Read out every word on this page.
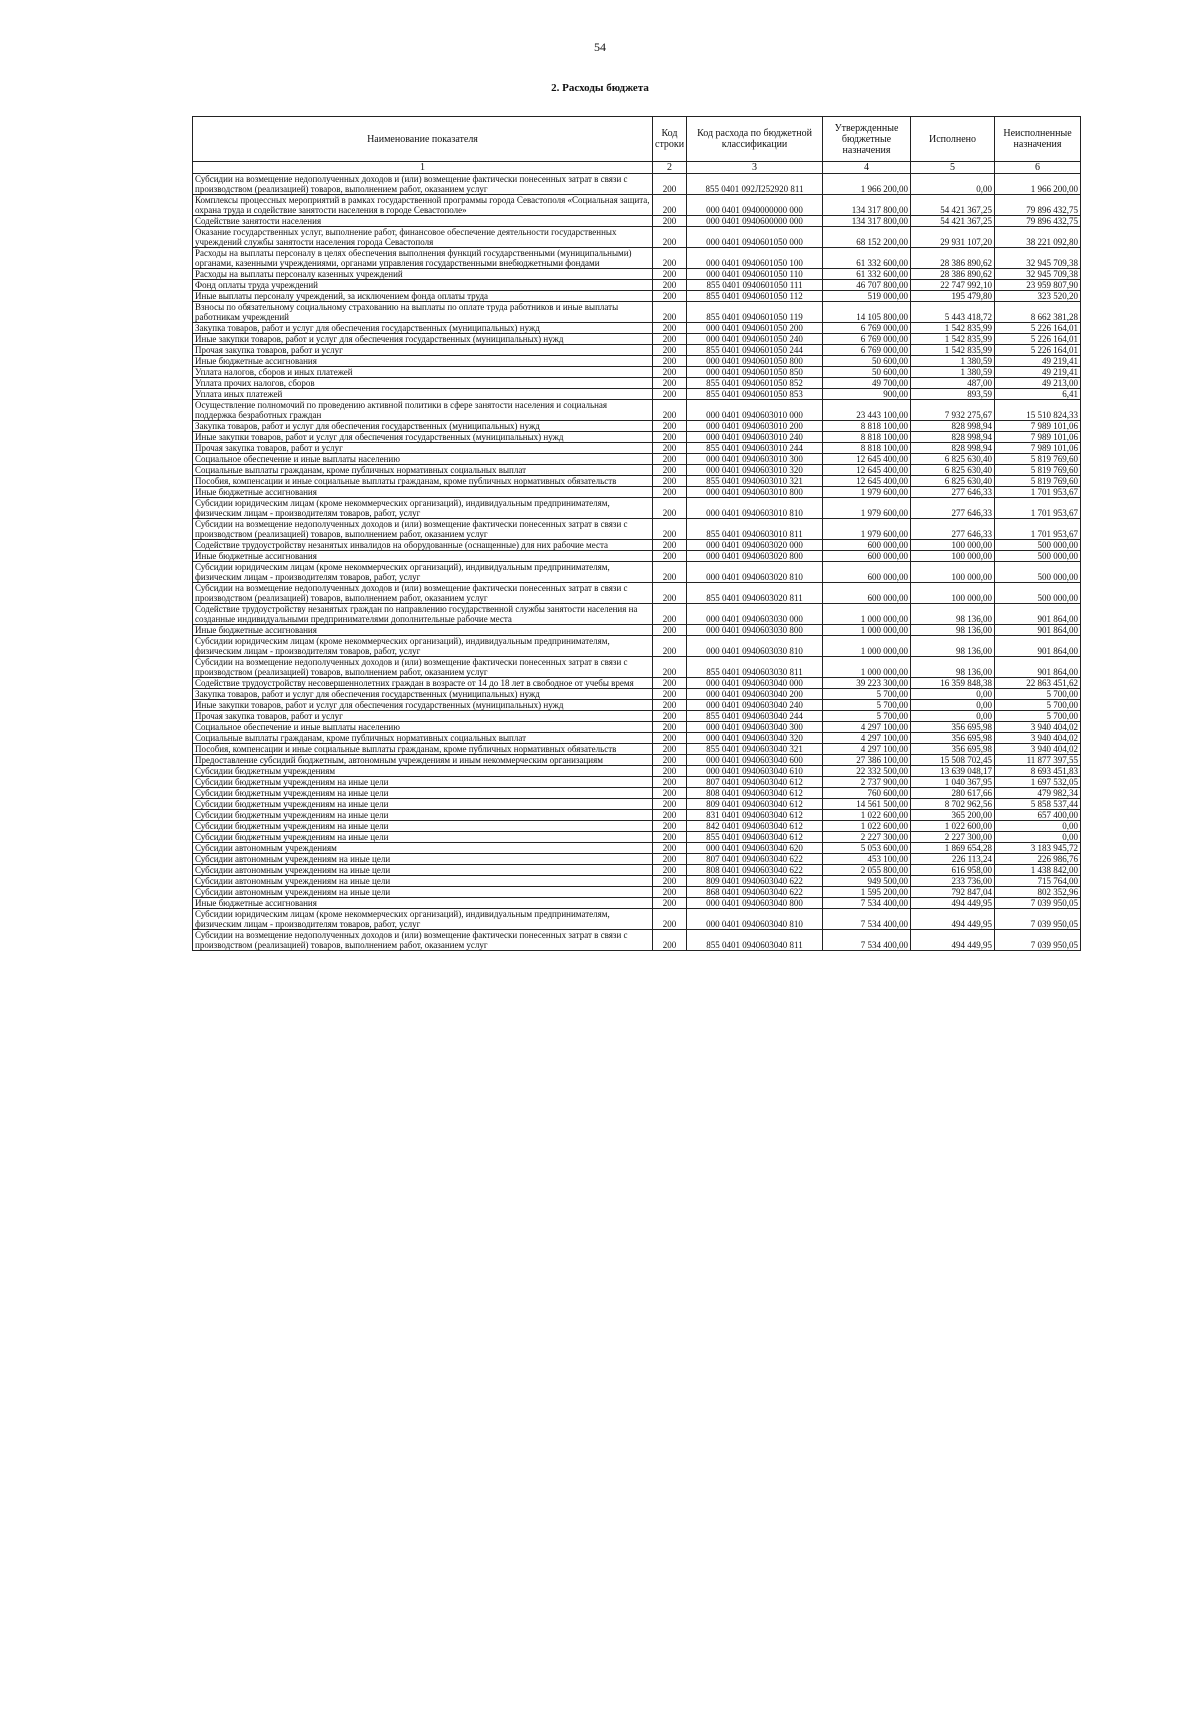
54
2. Расходы бюджета
Наименование показателя	Код строки	Код расхода по бюджетной классификации	Утвержденные бюджетные назначения	Исполнено	Неисполненные назначения
1	2	3	4	5	6
Субсидии на возмещение недополученных доходов и (или) возмещение фактически понесенных затрат в связи с производством (реализацией) товаров, выполнением работ, оказанием услуг	200	855 0401 092Л252920 811	1 966 200,00	0,00	1 966 200,00
Комплексы процессных мероприятий в рамках государственной программы города Севастополя «Социальная защита, охрана труда и содействие занятости населения в городе Севастополе»	200	000 0401 0940000000 000	134 317 800,00	54 421 367,25	79 896 432,75
Содействие занятости населения	200	000 0401 0940600000 000	134 317 800,00	54 421 367,25	79 896 432,75
Оказание государственных услуг, выполнение работ, финансовое обеспечение деятельности государственных учреждений службы занятости населения города Севастополя	200	000 0401 0940601050 000	68 152 200,00	29 931 107,20	38 221 092,80
Расходы на выплаты персоналу в целях обеспечения выполнения функций государственными (муниципальными) органами, казенными учреждениями, органами управления государственными внебюджетными фондами	200	000 0401 0940601050 100	61 332 600,00	28 386 890,62	32 945 709,38
Расходы на выплаты персоналу казенных учреждений	200	000 0401 0940601050 110	61 332 600,00	28 386 890,62	32 945 709,38
Фонд оплаты труда учреждений	200	855 0401 0940601050 111	46 707 800,00	22 747 992,10	23 959 807,90
Иные выплаты персоналу учреждений, за исключением фонда оплаты труда	200	855 0401 0940601050 112	519 000,00	195 479,80	323 520,20
Взносы по обязательному социальному страхованию на выплаты по оплате труда работников и иные выплаты работникам учреждений	200	855 0401 0940601050 119	14 105 800,00	5 443 418,72	8 662 381,28
Закупка товаров, работ и услуг для обеспечения государственных (муниципальных) нужд	200	000 0401 0940601050 200	6 769 000,00	1 542 835,99	5 226 164,01
Иные закупки товаров, работ и услуг для обеспечения государственных (муниципальных) нужд	200	000 0401 0940601050 240	6 769 000,00	1 542 835,99	5 226 164,01
Прочая закупка товаров, работ и услуг	200	855 0401 0940601050 244	6 769 000,00	1 542 835,99	5 226 164,01
Иные бюджетные ассигнования	200	000 0401 0940601050 800	50 600,00	1 380,59	49 219,41
Уплата налогов, сборов и иных платежей	200	000 0401 0940601050 850	50 600,00	1 380,59	49 219,41
Уплата прочих налогов, сборов	200	855 0401 0940601050 852	49 700,00	487,00	49 213,00
Уплата иных платежей	200	855 0401 0940601050 853	900,00	893,59	6,41
Осуществление полномочий по проведению активной политики в сфере занятости населения и социальная поддержка безработных граждан	200	000 0401 0940603010 000	23 443 100,00	7 932 275,67	15 510 824,33
Закупка товаров, работ и услуг для обеспечения государственных (муниципальных) нужд	200	000 0401 0940603010 200	8 818 100,00	828 998,94	7 989 101,06
Иные закупки товаров, работ и услуг для обеспечения государственных (муниципальных) нужд	200	000 0401 0940603010 240	8 818 100,00	828 998,94	7 989 101,06
Прочая закупка товаров, работ и услуг	200	855 0401 0940603010 244	8 818 100,00	828 998,94	7 989 101,06
Социальное обеспечение и иные выплаты населению	200	000 0401 0940603010 300	12 645 400,00	6 825 630,40	5 819 769,60
Социальные выплаты гражданам, кроме публичных нормативных социальных выплат	200	000 0401 0940603010 320	12 645 400,00	6 825 630,40	5 819 769,60
Пособия, компенсации и иные социальные выплаты гражданам, кроме публичных нормативных обязательств	200	855 0401 0940603010 321	12 645 400,00	6 825 630,40	5 819 769,60
Иные бюджетные ассигнования	200	000 0401 0940603010 800	1 979 600,00	277 646,33	1 701 953,67
Субсидии юридическим лицам (кроме некоммерческих организаций), индивидуальным предпринимателям, физическим лицам - производителям товаров, работ, услуг	200	000 0401 0940603010 810	1 979 600,00	277 646,33	1 701 953,67
Субсидии на возмещение недополученных доходов и (или) возмещение фактически понесенных затрат в связи с производством (реализацией) товаров, выполнением работ, оказанием услуг	200	855 0401 0940603010 811	1 979 600,00	277 646,33	1 701 953,67
Содействие трудоустройству незанятых инвалидов на оборудованные (оснащенные) для них рабочие места	200	000 0401 0940603020 000	600 000,00	100 000,00	500 000,00
Иные бюджетные ассигнования	200	000 0401 0940603020 800	600 000,00	100 000,00	500 000,00
Субсидии юридическим лицам (кроме некоммерческих организаций), индивидуальным предпринимателям, физическим лицам - производителям товаров, работ, услуг	200	000 0401 0940603020 810	600 000,00	100 000,00	500 000,00
Субсидии на возмещение недополученных доходов и (или) возмещение фактически понесенных затрат в связи с производством (реализацией) товаров, выполнением работ, оказанием услуг	200	855 0401 0940603020 811	600 000,00	100 000,00	500 000,00
Содействие трудоустройству незанятых граждан по направлению государственной службы занятости населения на созданные индивидуальными предпринимателями дополнительные рабочие места	200	000 0401 0940603030 000	1 000 000,00	98 136,00	901 864,00
Иные бюджетные ассигнования	200	000 0401 0940603030 800	1 000 000,00	98 136,00	901 864,00
Субсидии юридическим лицам (кроме некоммерческих организаций), индивидуальным предпринимателям, физическим лицам - производителям товаров, работ, услуг	200	000 0401 0940603030 810	1 000 000,00	98 136,00	901 864,00
Субсидии на возмещение недополученных доходов и (или) возмещение фактически понесенных затрат в связи с производством (реализацией) товаров, выполнением работ, оказанием услуг	200	855 0401 0940603030 811	1 000 000,00	98 136,00	901 864,00
Содействие трудоустройству несовершеннолетних граждан в возрасте от 14 до 18 лет в свободное от учебы время	200	000 0401 0940603040 000	39 223 300,00	16 359 848,38	22 863 451,62
Закупка товаров, работ и услуг для обеспечения государственных (муниципальных) нужд	200	000 0401 0940603040 200	5 700,00	0,00	5 700,00
Иные закупки товаров, работ и услуг для обеспечения государственных (муниципальных) нужд	200	000 0401 0940603040 240	5 700,00	0,00	5 700,00
Прочая закупка товаров, работ и услуг	200	855 0401 0940603040 244	5 700,00	0,00	5 700,00
Социальное обеспечение и иные выплаты населению	200	000 0401 0940603040 300	4 297 100,00	356 695,98	3 940 404,02
Социальные выплаты гражданам, кроме публичных нормативных социальных выплат	200	000 0401 0940603040 320	4 297 100,00	356 695,98	3 940 404,02
Пособия, компенсации и иные социальные выплаты гражданам, кроме публичных нормативных обязательств	200	855 0401 0940603040 321	4 297 100,00	356 695,98	3 940 404,02
Предоставление субсидий бюджетным, автономным учреждениям и иным некоммерческим организациям	200	000 0401 0940603040 600	27 386 100,00	15 508 702,45	11 877 397,55
Субсидии бюджетным учреждениям	200	000 0401 0940603040 610	22 332 500,00	13 639 048,17	8 693 451,83
Субсидии бюджетным учреждениям на иные цели	200	807 0401 0940603040 612	2 737 900,00	1 040 367,95	1 697 532,05
Субсидии бюджетным учреждениям на иные цели	200	808 0401 0940603040 612	760 600,00	280 617,66	479 982,34
Субсидии бюджетным учреждениям на иные цели	200	809 0401 0940603040 612	14 561 500,00	8 702 962,56	5 858 537,44
Субсидии бюджетным учреждениям на иные цели	200	831 0401 0940603040 612	1 022 600,00	365 200,00	657 400,00
Субсидии бюджетным учреждениям на иные цели	200	842 0401 0940603040 612	1 022 600,00	1 022 600,00	0,00
Субсидии бюджетным учреждениям на иные цели	200	855 0401 0940603040 612	2 227 300,00	2 227 300,00	0,00
Субсидии автономным учреждениям	200	000 0401 0940603040 620	5 053 600,00	1 869 654,28	3 183 945,72
Субсидии автономным учреждениям на иные цели	200	807 0401 0940603040 622	453 100,00	226 113,24	226 986,76
Субсидии автономным учреждениям на иные цели	200	808 0401 0940603040 622	2 055 800,00	616 958,00	1 438 842,00
Субсидии автономным учреждениям на иные цели	200	809 0401 0940603040 622	949 500,00	233 736,00	715 764,00
Субсидии автономным учреждениям на иные цели	200	868 0401 0940603040 622	1 595 200,00	792 847,04	802 352,96
Иные бюджетные ассигнования	200	000 0401 0940603040 800	7 534 400,00	494 449,95	7 039 950,05
Субсидии юридическим лицам (кроме некоммерческих организаций), индивидуальным предпринимателям, физическим лицам - производителям товаров, работ, услуг	200	000 0401 0940603040 810	7 534 400,00	494 449,95	7 039 950,05
Субсидии на возмещение недополученных доходов и (или) возмещение фактически понесенных затрат в связи с производством (реализацией) товаров, выполнением работ, оказанием услуг	200	855 0401 0940603040 811	7 534 400,00	494 449,95	7 039 950,05
